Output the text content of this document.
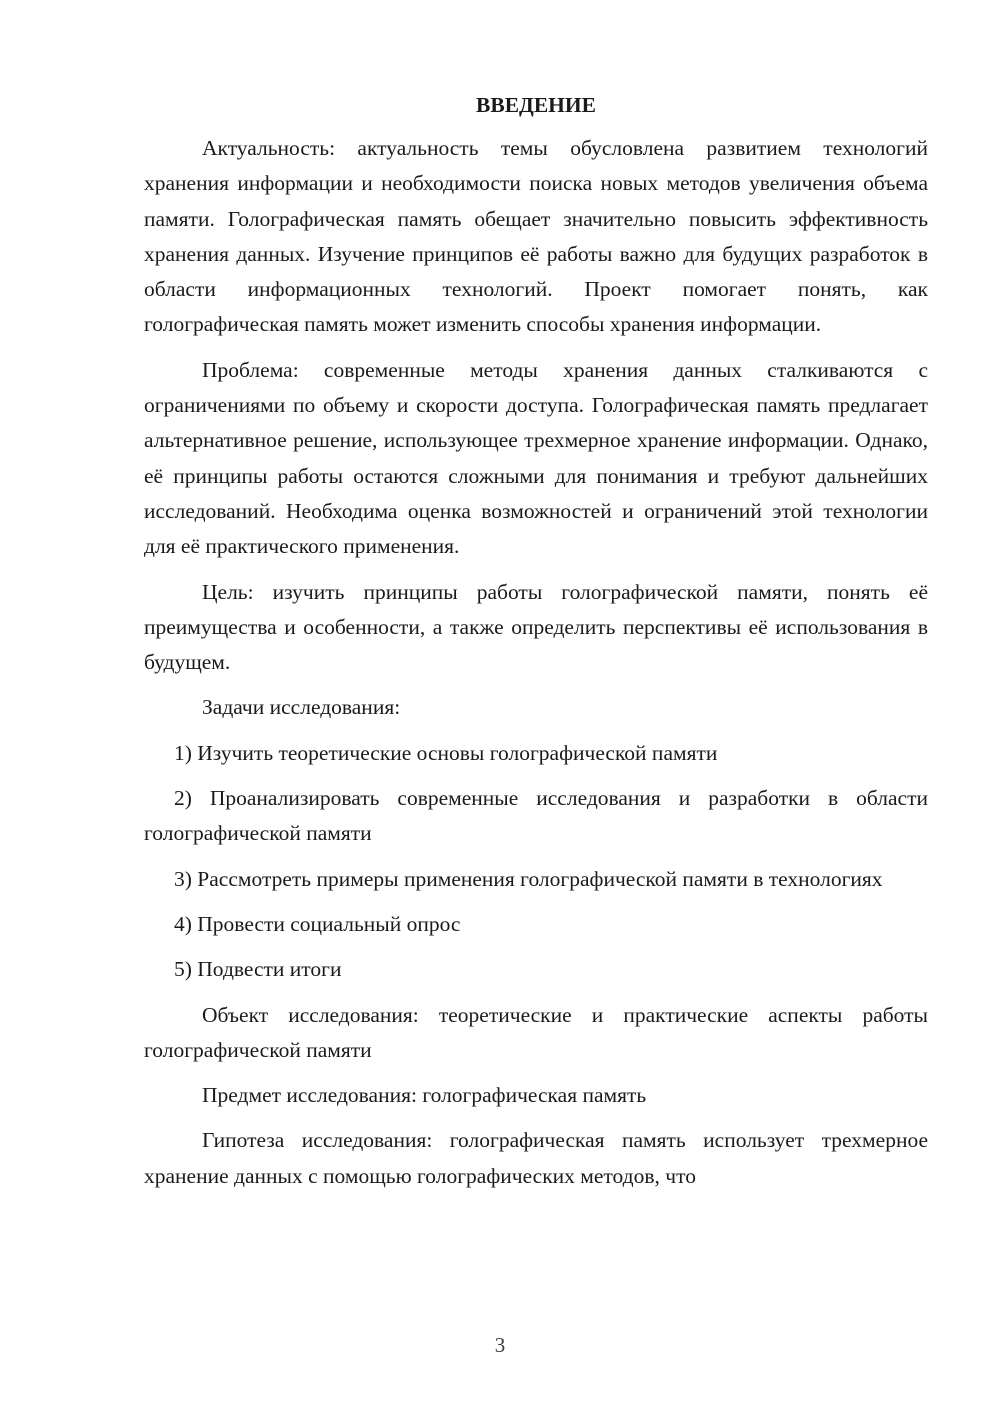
ВВЕДЕНИЕ

Актуальность: актуальность темы обусловлена развитием технологий хранения информации и необходимости поиска новых методов увеличения объема памяти. Голографическая память обещает значительно повысить эффективность хранения данных. Изучение принципов её работы важно для будущих разработок в области информационных технологий. Проект помогает понять, как голографическая память может изменить способы хранения информации.

Проблема: современные методы хранения данных сталкиваются с ограничениями по объему и скорости доступа. Голографическая память предлагает альтернативное решение, использующее трехмерное хранение информации. Однако, её принципы работы остаются сложными для понимания и требуют дальнейших исследований. Необходима оценка возможностей и ограничений этой технологии для её практического применения.

Цель: изучить принципы работы голографической памяти, понять её преимущества и особенности, а также определить перспективы её использования в будущем.

Задачи исследования:

1) Изучить теоретические основы голографической памяти

2) Проанализировать современные исследования и разработки в области голографической памяти

3) Рассмотреть примеры применения голографической памяти в технологиях

4) Провести социальный опрос

5) Подвести итоги

Объект исследования: теоретические и практические аспекты работы голографической памяти

Предмет исследования: голографическая память

Гипотеза исследования: голографическая память использует трехмерное хранение данных с помощью голографических методов, что

3
